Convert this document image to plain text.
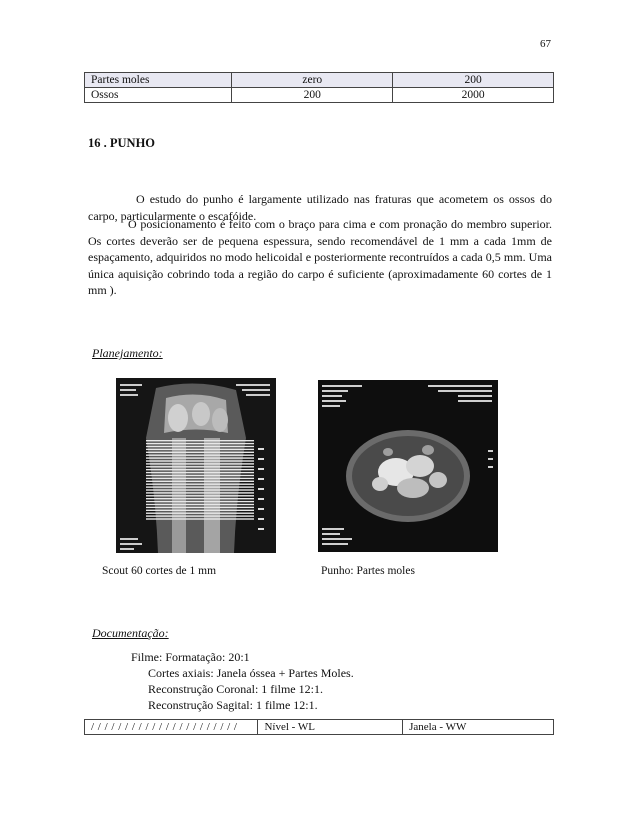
67
Partes moles	zero	200
Ossos	200	2000
16 . PUNHO
O estudo do punho é largamente utilizado nas fraturas que acometem os ossos do carpo, particularmente o escafóide.
O posicionamento é feito com o braço para cima e com pronação do membro superior. Os cortes deverão ser de pequena espessura, sendo recomendável de 1 mm a cada 1mm de espaçamento, adquiridos no modo helicoidal e posteriormente recontruídos a cada 0,5 mm. Uma única aquisição cobrindo toda a região do carpo é suficiente (aproximadamente 60 cortes de 1 mm ).
Planejamento:
Scout 60 cortes de 1 mm	Punho: Partes moles
Documentação:
Filme: Formatação: 20:1
Cortes axiais: Janela óssea + Partes Moles.
Reconstrução Coronal: 1 filme 12:1.
Reconstrução Sagital: 1 filme 12:1.
/ / / / / / / / / / / / / / / / / / / / / /	Nível - WL	Janela - WW
